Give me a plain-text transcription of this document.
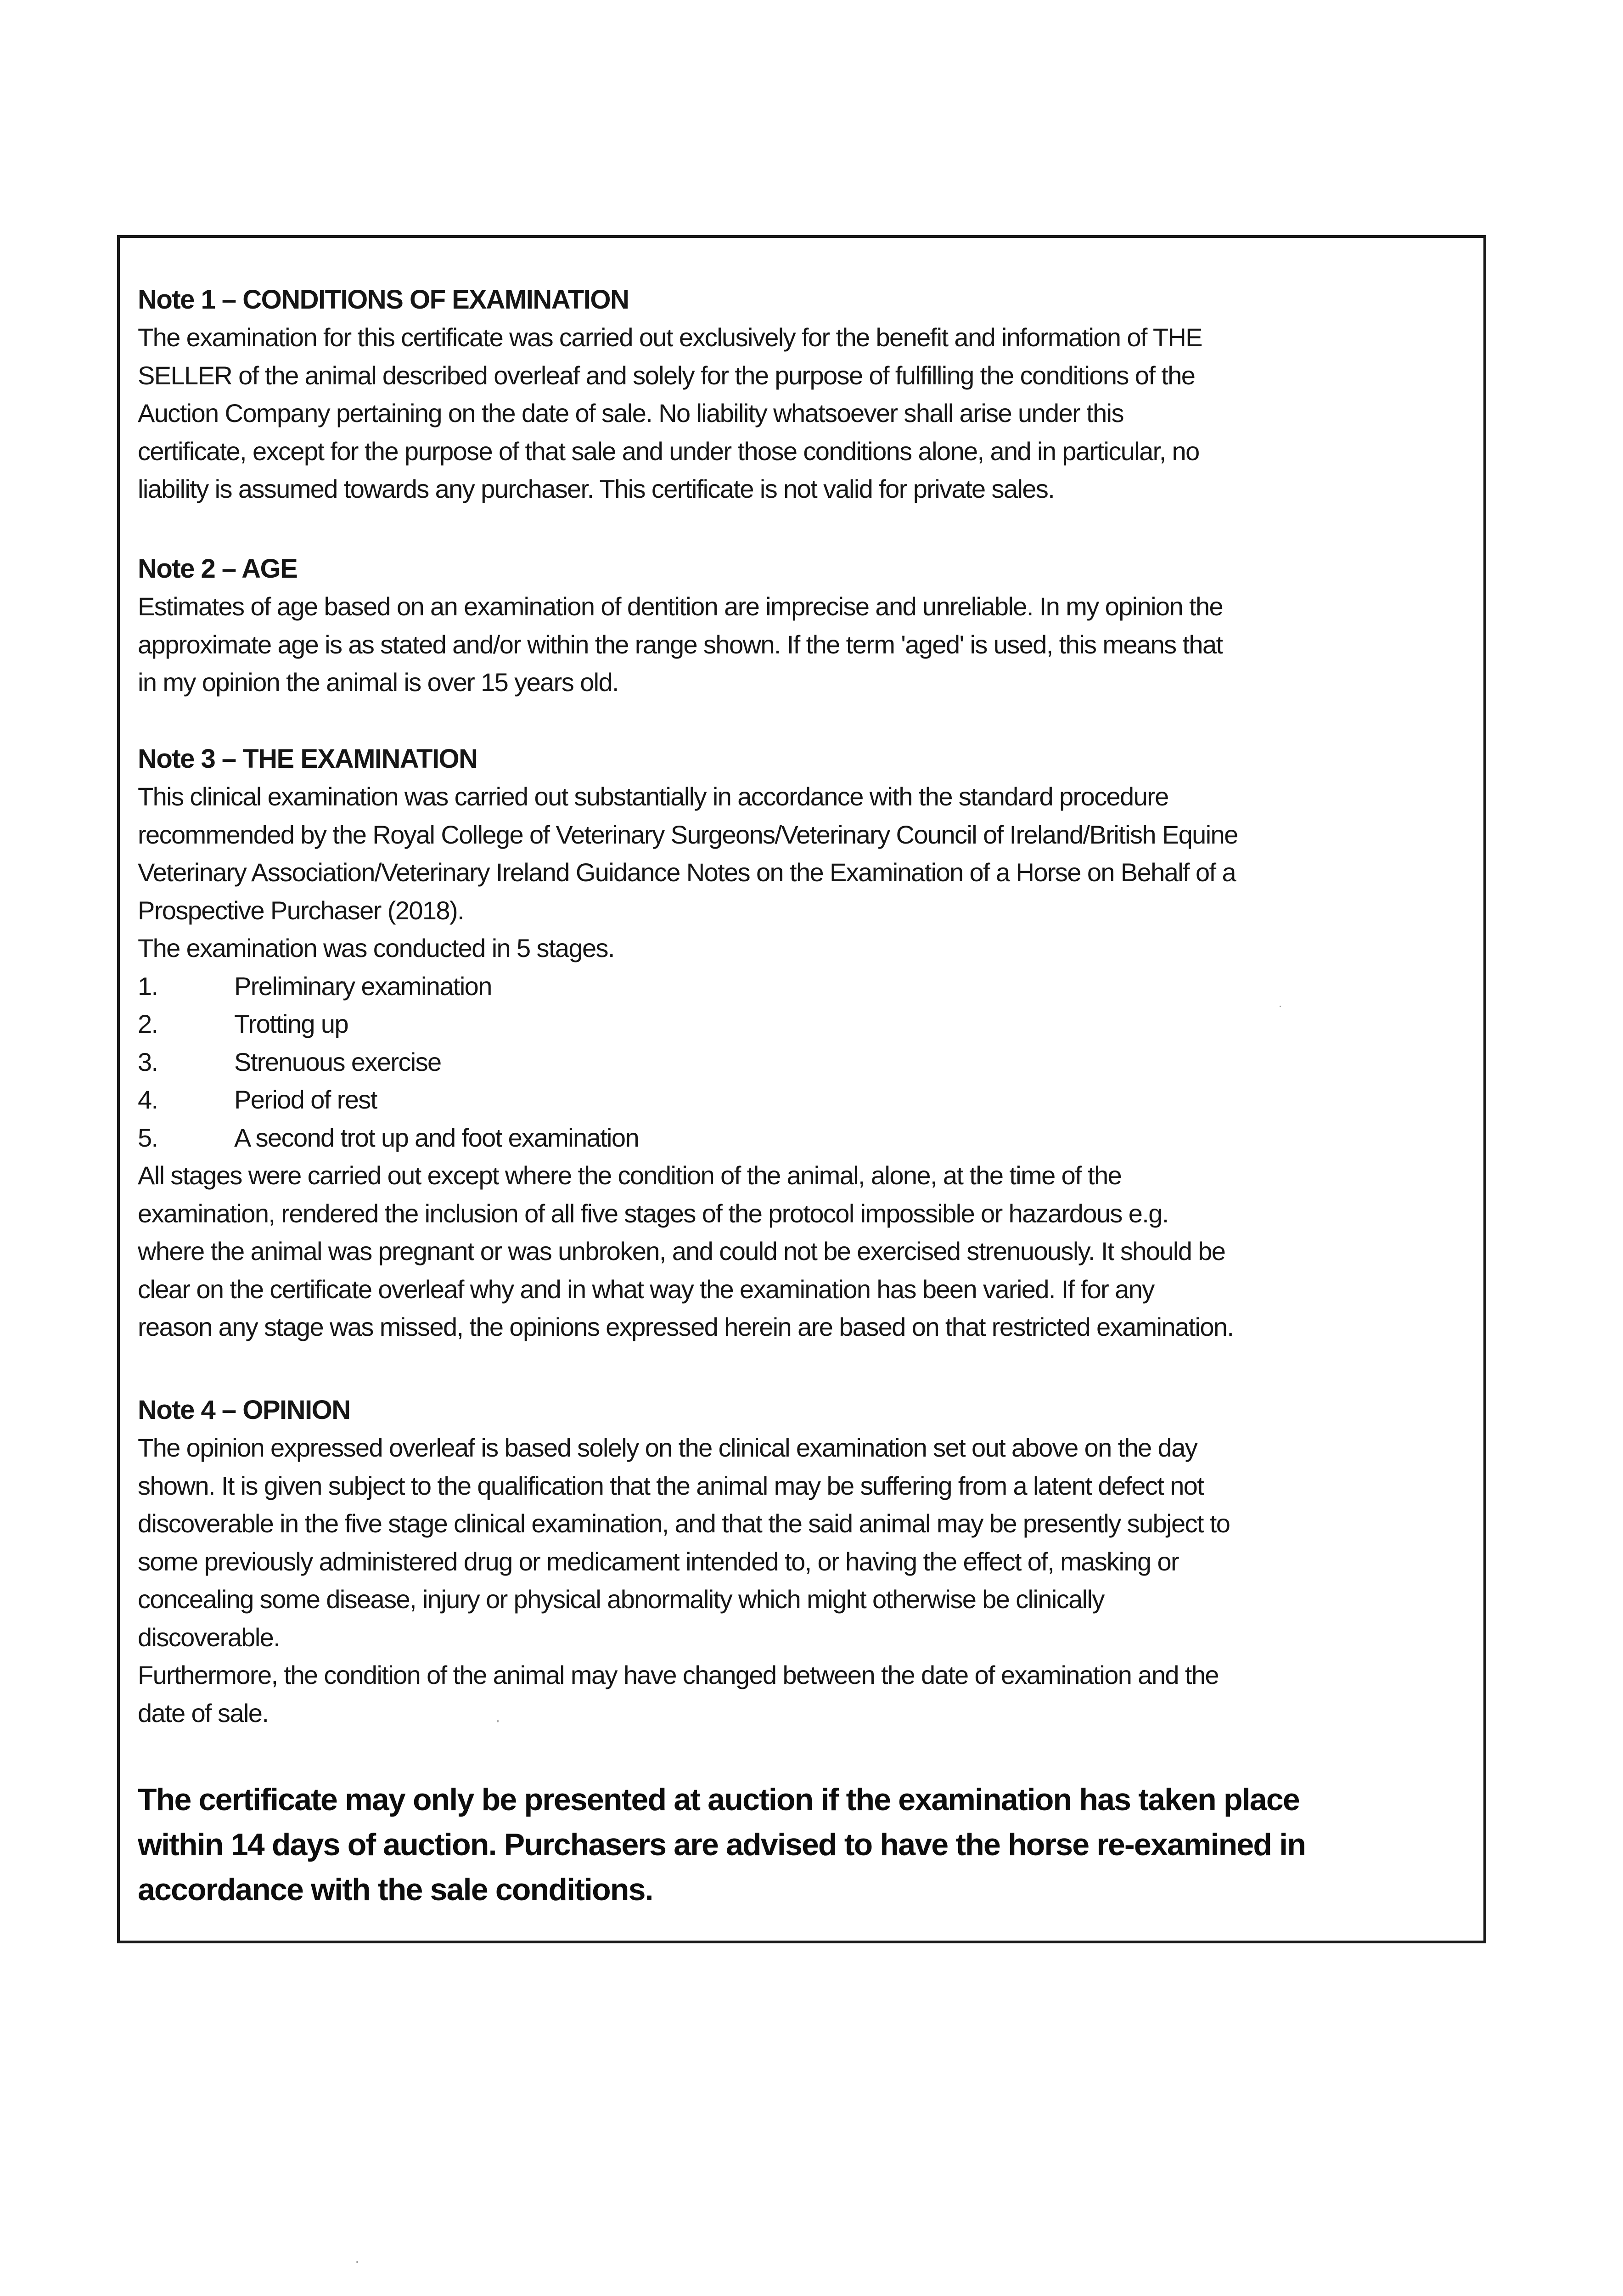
Note 1 – CONDITIONS OF EXAMINATION
The examination for this certificate was carried out exclusively for the benefit and information of THE
SELLER of the animal described overleaf and solely for the purpose of fulfilling the conditions of the
Auction Company pertaining on the date of sale. No liability whatsoever shall arise under this
certificate, except for the purpose of that sale and under those conditions alone, and in particular, no
liability is assumed towards any purchaser. This certificate is not valid for private sales.
Note 2 – AGE
Estimates of age based on an examination of dentition are imprecise and unreliable. In my opinion the
approximate age is as stated and/or within the range shown. If the term 'aged' is used, this means that
in my opinion the animal is over 15 years old.
Note 3 – THE EXAMINATION
This clinical examination was carried out substantially in accordance with the standard procedure
recommended by the Royal College of Veterinary Surgeons/Veterinary Council of Ireland/British Equine
Veterinary Association/Veterinary Ireland Guidance Notes on the Examination of a Horse on Behalf of a
Prospective Purchaser (2018).
The examination was conducted in 5 stages.
1.	Preliminary examination
2.	Trotting up
3.	Strenuous exercise
4.	Period of rest
5.	A second trot up and foot examination
All stages were carried out except where the condition of the animal, alone, at the time of the
examination, rendered the inclusion of all five stages of the protocol impossible or hazardous e.g.
where the animal was pregnant or was unbroken, and could not be exercised strenuously. It should be
clear on the certificate overleaf why and in what way the examination has been varied. If for any
reason any stage was missed, the opinions expressed herein are based on that restricted examination.
Note 4 – OPINION
The opinion expressed overleaf is based solely on the clinical examination set out above on the day
shown. It is given subject to the qualification that the animal may be suffering from a latent defect not
discoverable in the five stage clinical examination, and that the said animal may be presently subject to
some previously administered drug or medicament intended to, or having the effect of, masking or
concealing some disease, injury or physical abnormality which might otherwise be clinically
discoverable.
Furthermore, the condition of the animal may have changed between the date of examination and the
date of sale.
The certificate may only be presented at auction if the examination has taken place
within 14 days of auction. Purchasers are advised to have the horse re-examined in
accordance with the sale conditions.
